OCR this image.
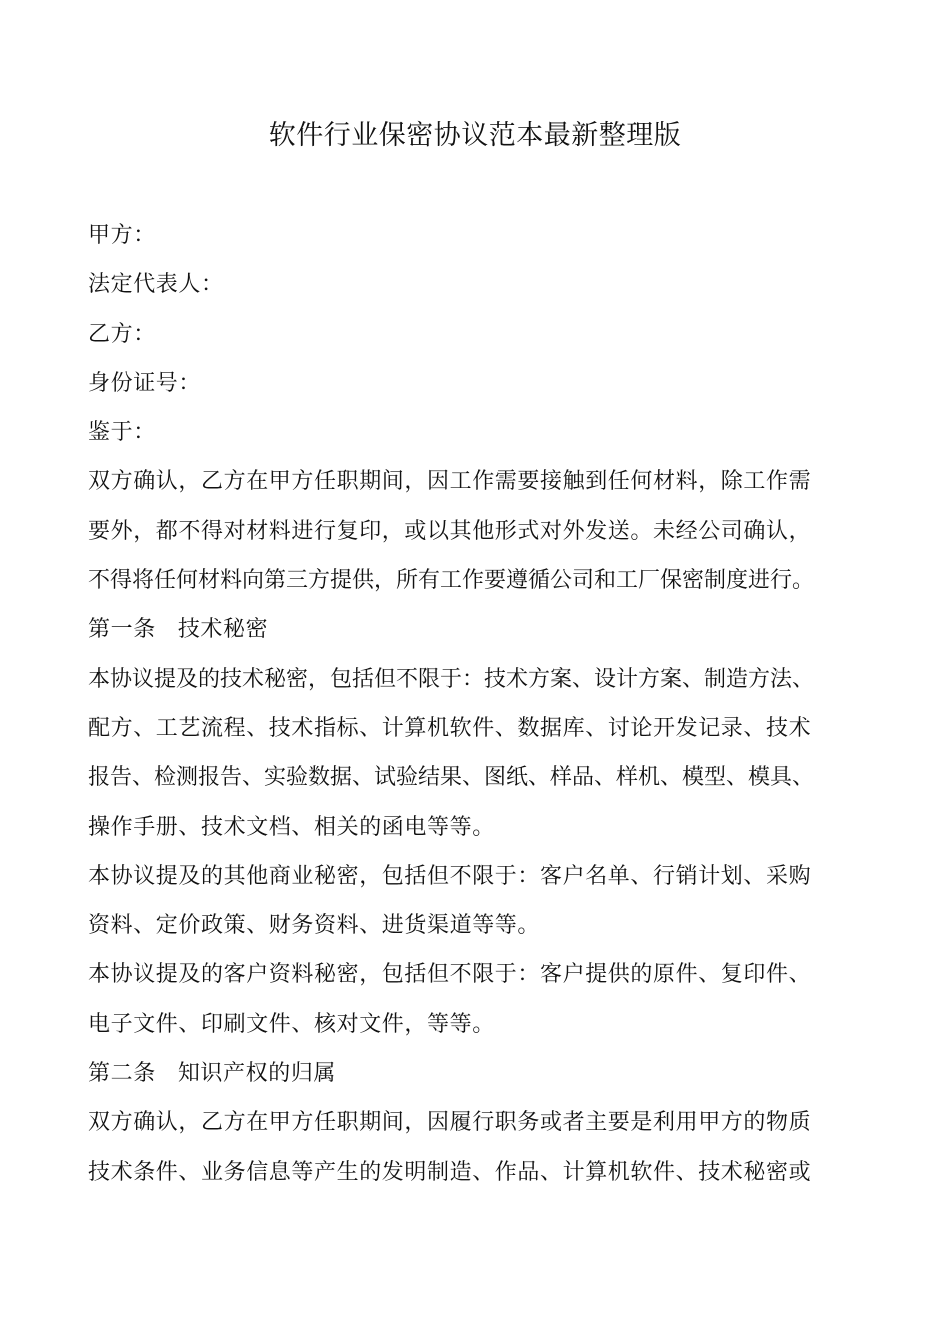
软件行业保密协议范本最新整理版
甲方：
法定代表人：
乙方：
身份证号：
鉴于：
双方确认，乙方在甲方任职期间，因工作需要接触到任何材料，除工作需
要外，都不得对材料进行复印，或以其他形式对外发送。未经公司确认，
不得将任何材料向第三方提供，所有工作要遵循公司和工厂保密制度进行。
第一条 技术秘密
本协议提及的技术秘密，包括但不限于：技术方案、设计方案、制造方法、
配方、工艺流程、技术指标、计算机软件、数据库、讨论开发记录、技术
报告、检测报告、实验数据、试验结果、图纸、样品、样机、模型、模具、
操作手册、技术文档、相关的函电等等。
本协议提及的其他商业秘密，包括但不限于：客户名单、行销计划、采购
资料、定价政策、财务资料、进货渠道等等。
本协议提及的客户资料秘密，包括但不限于：客户提供的原件、复印件、
电子文件、印刷文件、核对文件，等等。
第二条 知识产权的归属
双方确认，乙方在甲方任职期间，因履行职务或者主要是利用甲方的物质
技术条件、业务信息等产生的发明制造、作品、计算机软件、技术秘密或
